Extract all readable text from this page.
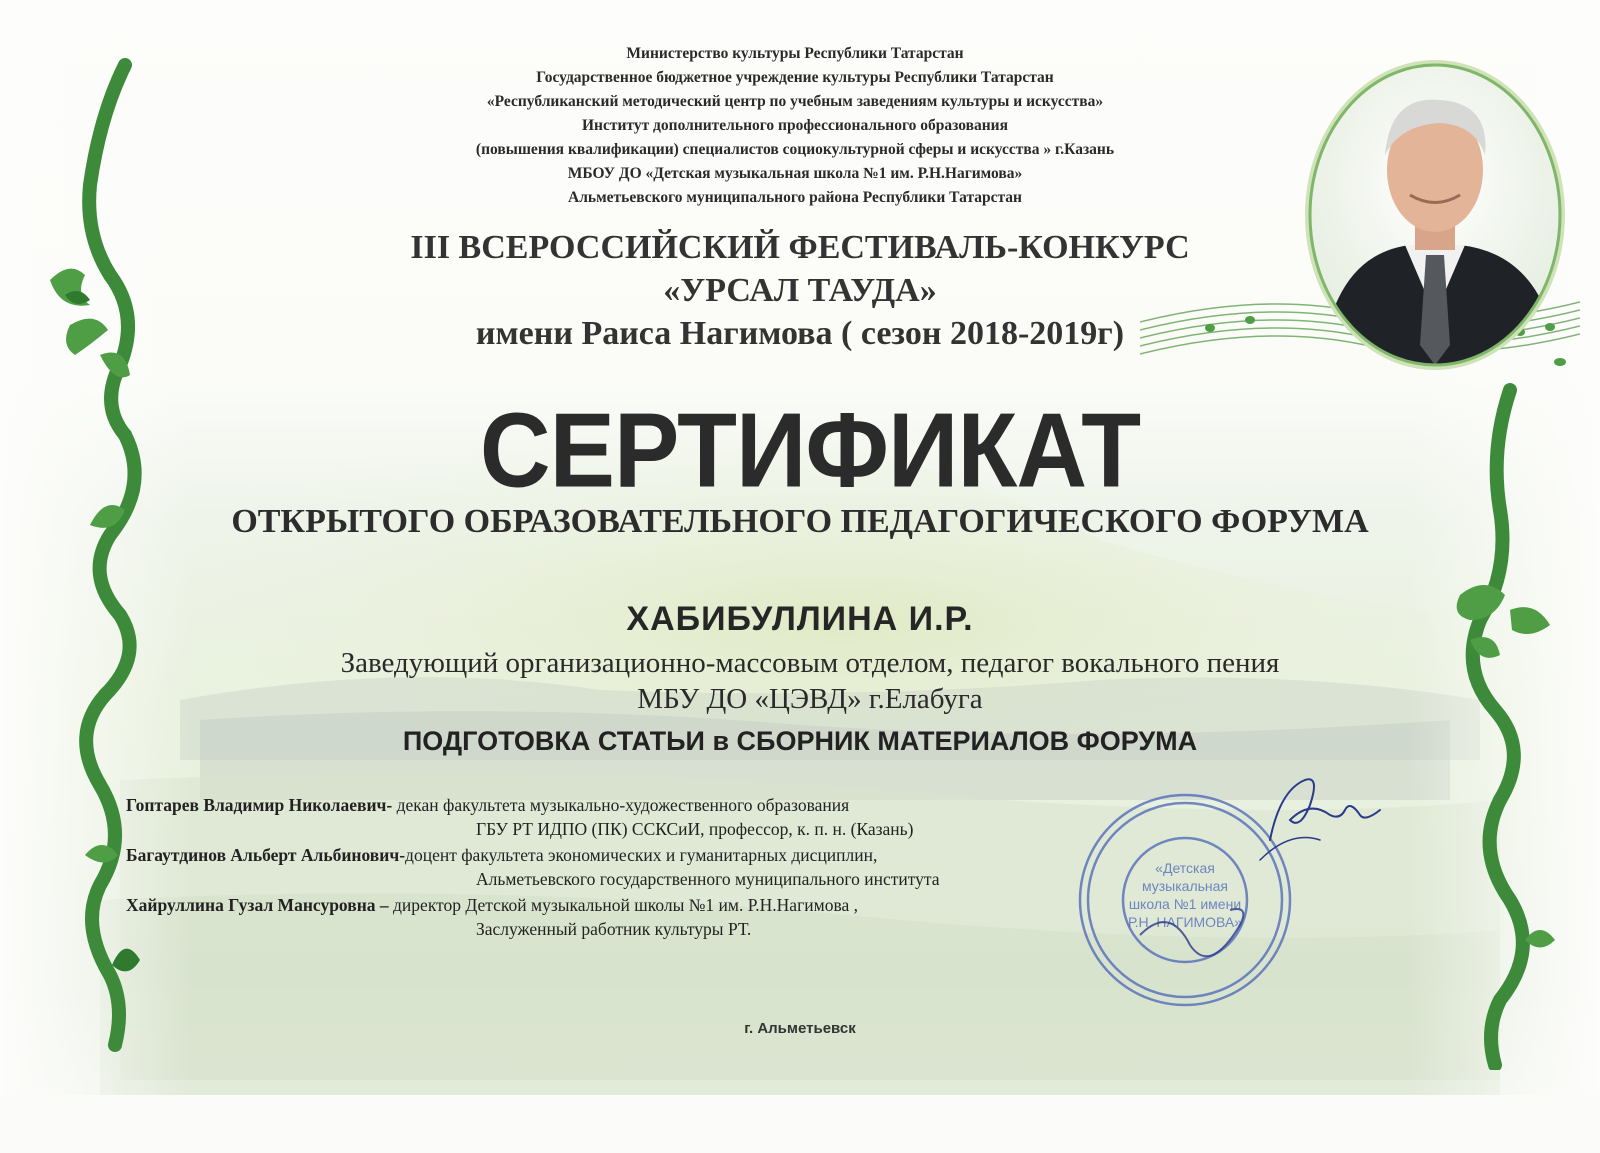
Министерство культуры Республики Татарстан
Государственное бюджетное учреждение культуры Республики Татарстан
«Республиканский методический центр по учебным заведениям культуры и искусства»
Институт дополнительного профессионального образования
(повышения квалификации) специалистов социокультурной сферы и искусства » г.Казань
МБОУ ДО «Детская музыкальная школа №1 им. Р.Н.Нагимова»
Альметьевского муниципального района Республики Татарстан
III ВСЕРОССИЙСКИЙ ФЕСТИВАЛЬ-КОНКУРС
«УРСАЛ ТАУДА»
имени Раиса Нагимова ( сезон 2018-2019г)
СЕРТИФИКАТ
ОТКРЫТОГО ОБРАЗОВАТЕЛЬНОГО ПЕДАГОГИЧЕСКОГО ФОРУМА
ХАБИБУЛЛИНА И.Р.
Заведующий организационно-массовым отделом, педагог вокального пения
МБУ ДО «ЦЭВД» г.Елабуга
ПОДГОТОВКА СТАТЬИ в СБОРНИК МАТЕРИАЛОВ ФОРУМА
Гоптарев Владимир Николаевич- декан факультета музыкально-художественного образования
ГБУ РТ ИДПО (ПК) ССКСиИ, профессор, к. п. н. (Казань)
Багаутдинов Альберт Альбинович-доцент факультета экономических и гуманитарных дисциплин,
Альметьевского государственного муниципального института
Хайруллина Гузал Мансуровна – директор Детской музыкальной школы №1 им. Р.Н.Нагимова ,
Заслуженный работник культуры РТ.
«Детская
музыкальная
школа №1 имени
Р.Н. НАГИМОВА»
г. Альметьевск
